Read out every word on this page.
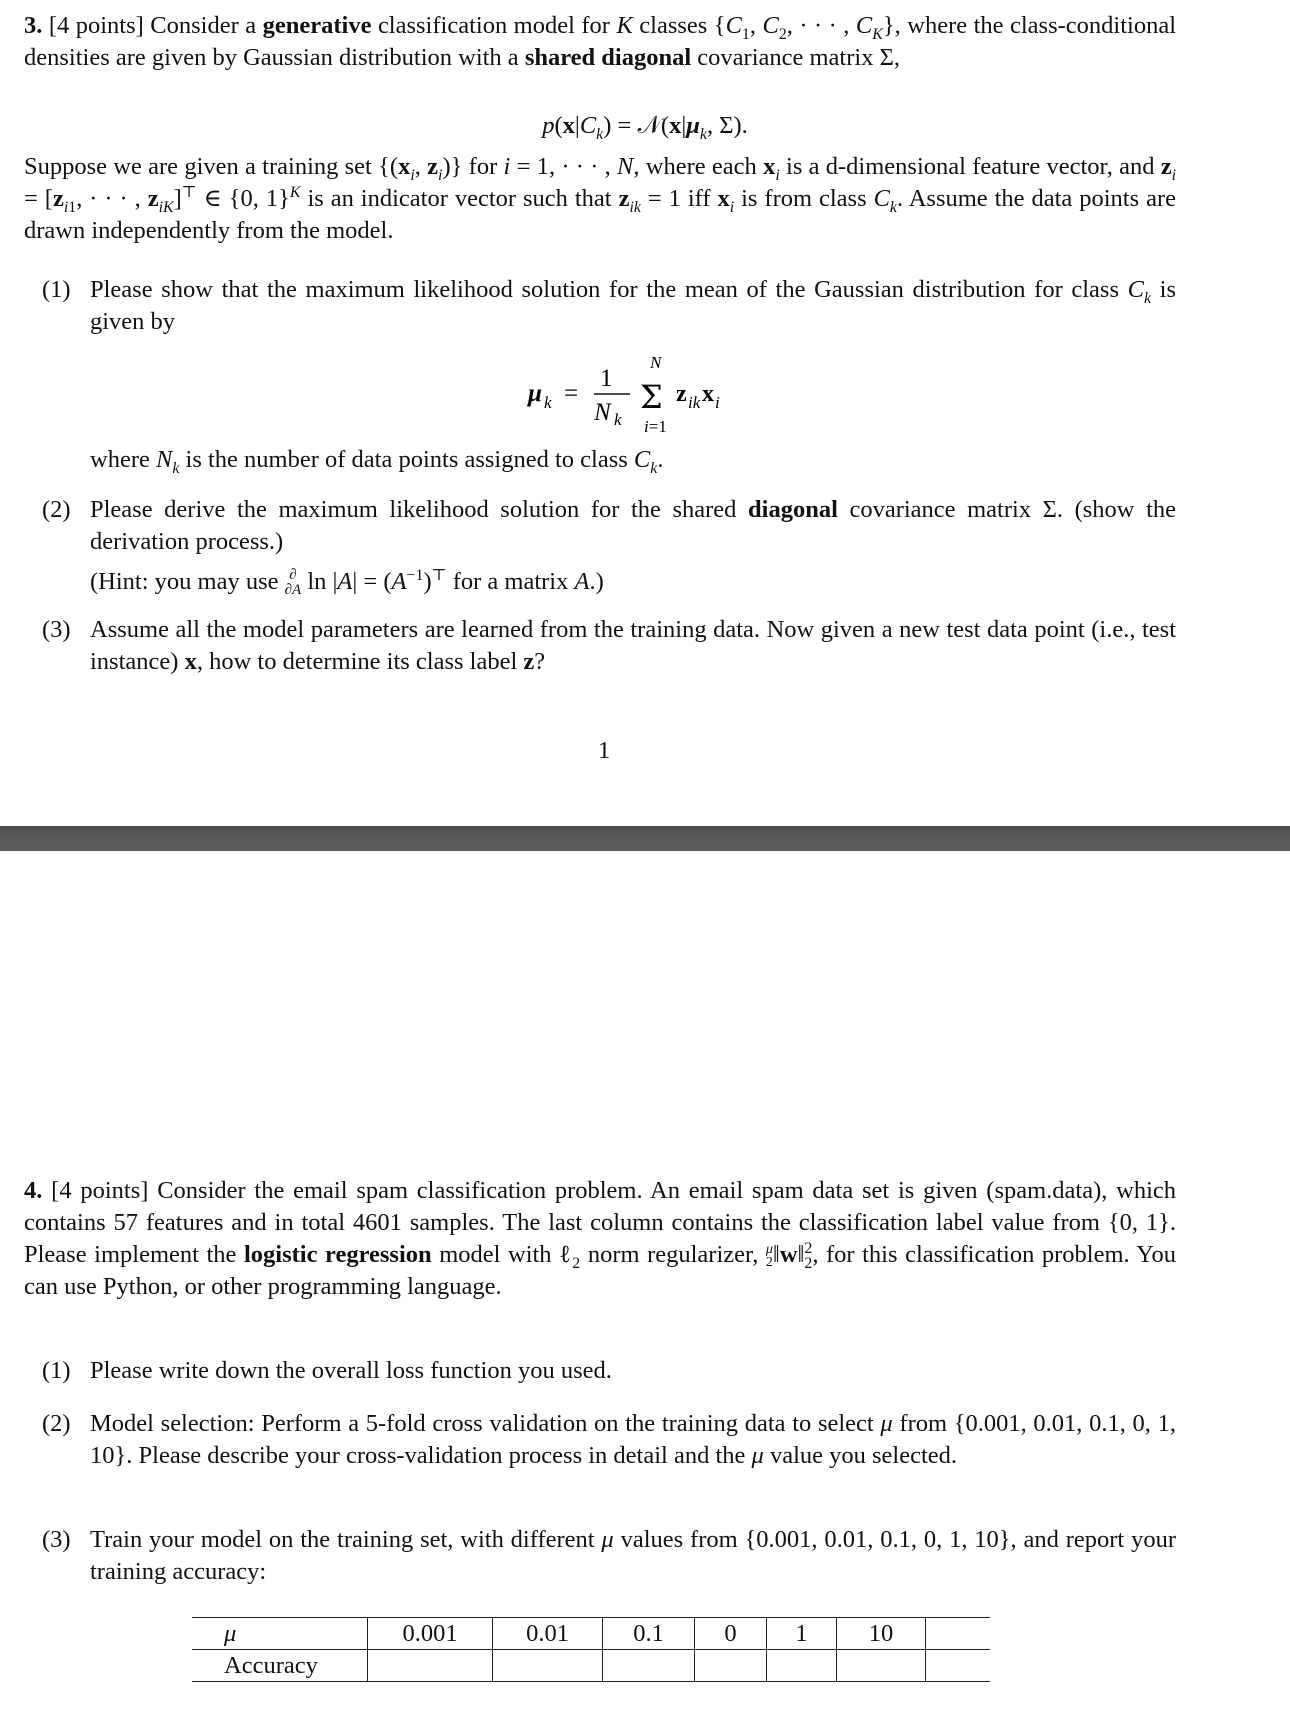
3. [4 points] Consider a generative classification model for K classes {$C_1$, $C_2$, · · · , $C_K$}, where the class-conditional densities are given by Gaussian distribution with a shared diagonal covariance matrix Σ,
$p(x|C_k)$ = $𝒩(x|\mu_k$, Σ).
Suppose we are given a training set {($x_i$, $z_i$)} for i = 1, · · · , N, where each $x_i$ is a d-dimensional feature vector, and $z_i = [z_{i1}$, · · · , $z_{iK}]^⊤$ ∈ {0, 1}$^K$ is an indicator vector such that $z_{ik} = 1$ iff $x_i$ is from class $C_k$. Assume the data points are drawn independently from the model.
(1) Please show that the maximum likelihood solution for the mean of the Gaussian distribution for class $C_k$ is given by
μ k =
1
N k
N
Σ
i=1
z ik x i
where $N_k$ is the number of data points assigned to class $C_k$.
(2) Please derive the maximum likelihood solution for the shared diagonal covariance matrix Σ. (show the derivation process.)
(Hint: you may use ∂
∂A $\ln |A| = (A^{-1})^⊤$ for a matrix A.)
(3) Assume all the model parameters are learned from the training data. Now given a new test data point (i.e., test instance) x, how to determine its class label z?
1
4. [4 points] Consider the email spam classification problem. An email spam data set is given (spam.data), which contains 57 features and in total 4601 samples. The last column contains the classification label value from {0, 1}. Please implement the logistic regression model with ℓ$_2$ norm regularizer, μ
2‖w‖$^2_2$, for this classification problem. You can use Python, or other programming language.
(1) Please write down the overall loss function you used.
(2) Model selection: Perform a 5-fold cross validation on the training data to select μ from {0.001, 0.01, 0.1, 0, 1, 10}. Please describe your cross-validation process in detail and the μ value you selected.
(3) Train your model on the training set, with different μ values from {0.001, 0.01, 0.1, 0, 1, 10}, and report your training accuracy:
μ	0.001	0.01	0.1	0	1	10	
Accuracy							
